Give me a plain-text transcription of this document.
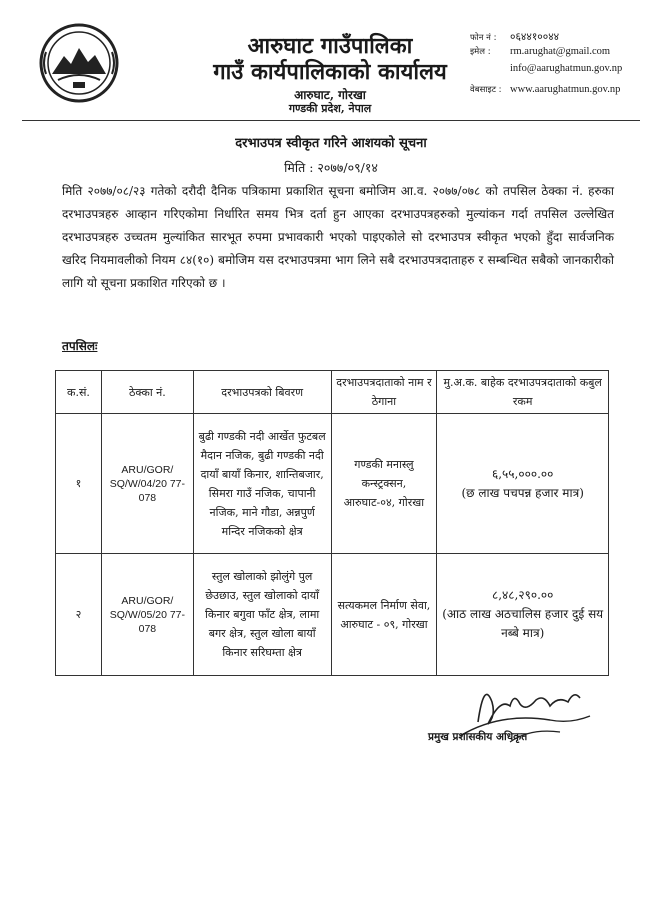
आरुघाट गाउँपालिका
गाउँ कार्यपालिकाको कार्यालय
आरुघाट, गोरखा
गण्डकी प्रदेश, नेपाल
फोन नं : ०६४४१००४४
इमेल : rm.arughat@gmail.com
info@aarughatmun.gov.np
वेबसाइट : www.aarughatmun.gov.np
दरभाउपत्र स्वीकृत गरिने आशयको सूचना
मिति : २०७७/०९/१४
मिति २०७७/०८/२३ गतेको दरौदी दैनिक पत्रिकामा प्रकाशित सूचना बमोजिम आ.व. २०७७/०७८ को तपसिल ठेक्का नं. हरुका दरभाउपत्रहरु आव्हान गरिएकोमा निर्धारित समय भित्र दर्ता हुन आएका दरभाउपत्रहरुको मुल्यांकन गर्दा तपसिल उल्लेखित दरभाउपत्रहरु उच्चतम मुल्यांकित सारभूत रुपमा प्रभावकारी भएको पाइएकोले सो दरभाउपत्र स्वीकृत भएको हुँदा सार्वजनिक खरिद नियमावलीको नियम ८४(१०) बमोजिम यस दरभाउपत्रमा भाग लिने सबै दरभाउपत्रदाताहरु र सम्बन्धित सबैको जानकारीको लागि यो सूचना प्रकाशित गरिएको छ ।
तपसिलः
क.सं.	ठेक्का नं.	दरभाउपत्रको बिवरण	दरभाउपत्रदाताको नाम र ठेगाना	मु.अ.क. बाहेक दरभाउपत्रदाताको कबुल रकम
१	ARU/GOR/ SQ/W/04/20 77-078	बुढी गण्डकी नदी आर्खेत फुटबल मैदान नजिक, बुढी गण्डकी नदी दायाँ बायाँ किनार, शान्तिबजार, सिमरा गाउँ नजिक, चापानी नजिक, माने गौडा, अन्नपुर्ण मन्दिर नजिकको क्षेत्र	गण्डकी मनास्लु कन्स्ट्रक्सन, आरुघाट-०४, गोरखा	६,५५,०००.००
(छ लाख पचपन्न हजार मात्र)

२	ARU/GOR/ SQ/W/05/20 77-078	स्तुल खोलाको झोलुंगे पुल छेउछाउ, स्तुल खोलाको दायाँ किनार बगुवा फाँट क्षेत्र, लामा बगर क्षेत्र, स्तुल खोला बायाँ किनार सरिघम्ता क्षेत्र	सत्यकमल निर्माण सेवा, आरुघाट - ०९, गोरखा	८,४८,२९०.००
(आठ लाख अठचालिस हजार दुई सय नब्बे मात्र)
प्रमुख प्रशासकीय अधिकृत
